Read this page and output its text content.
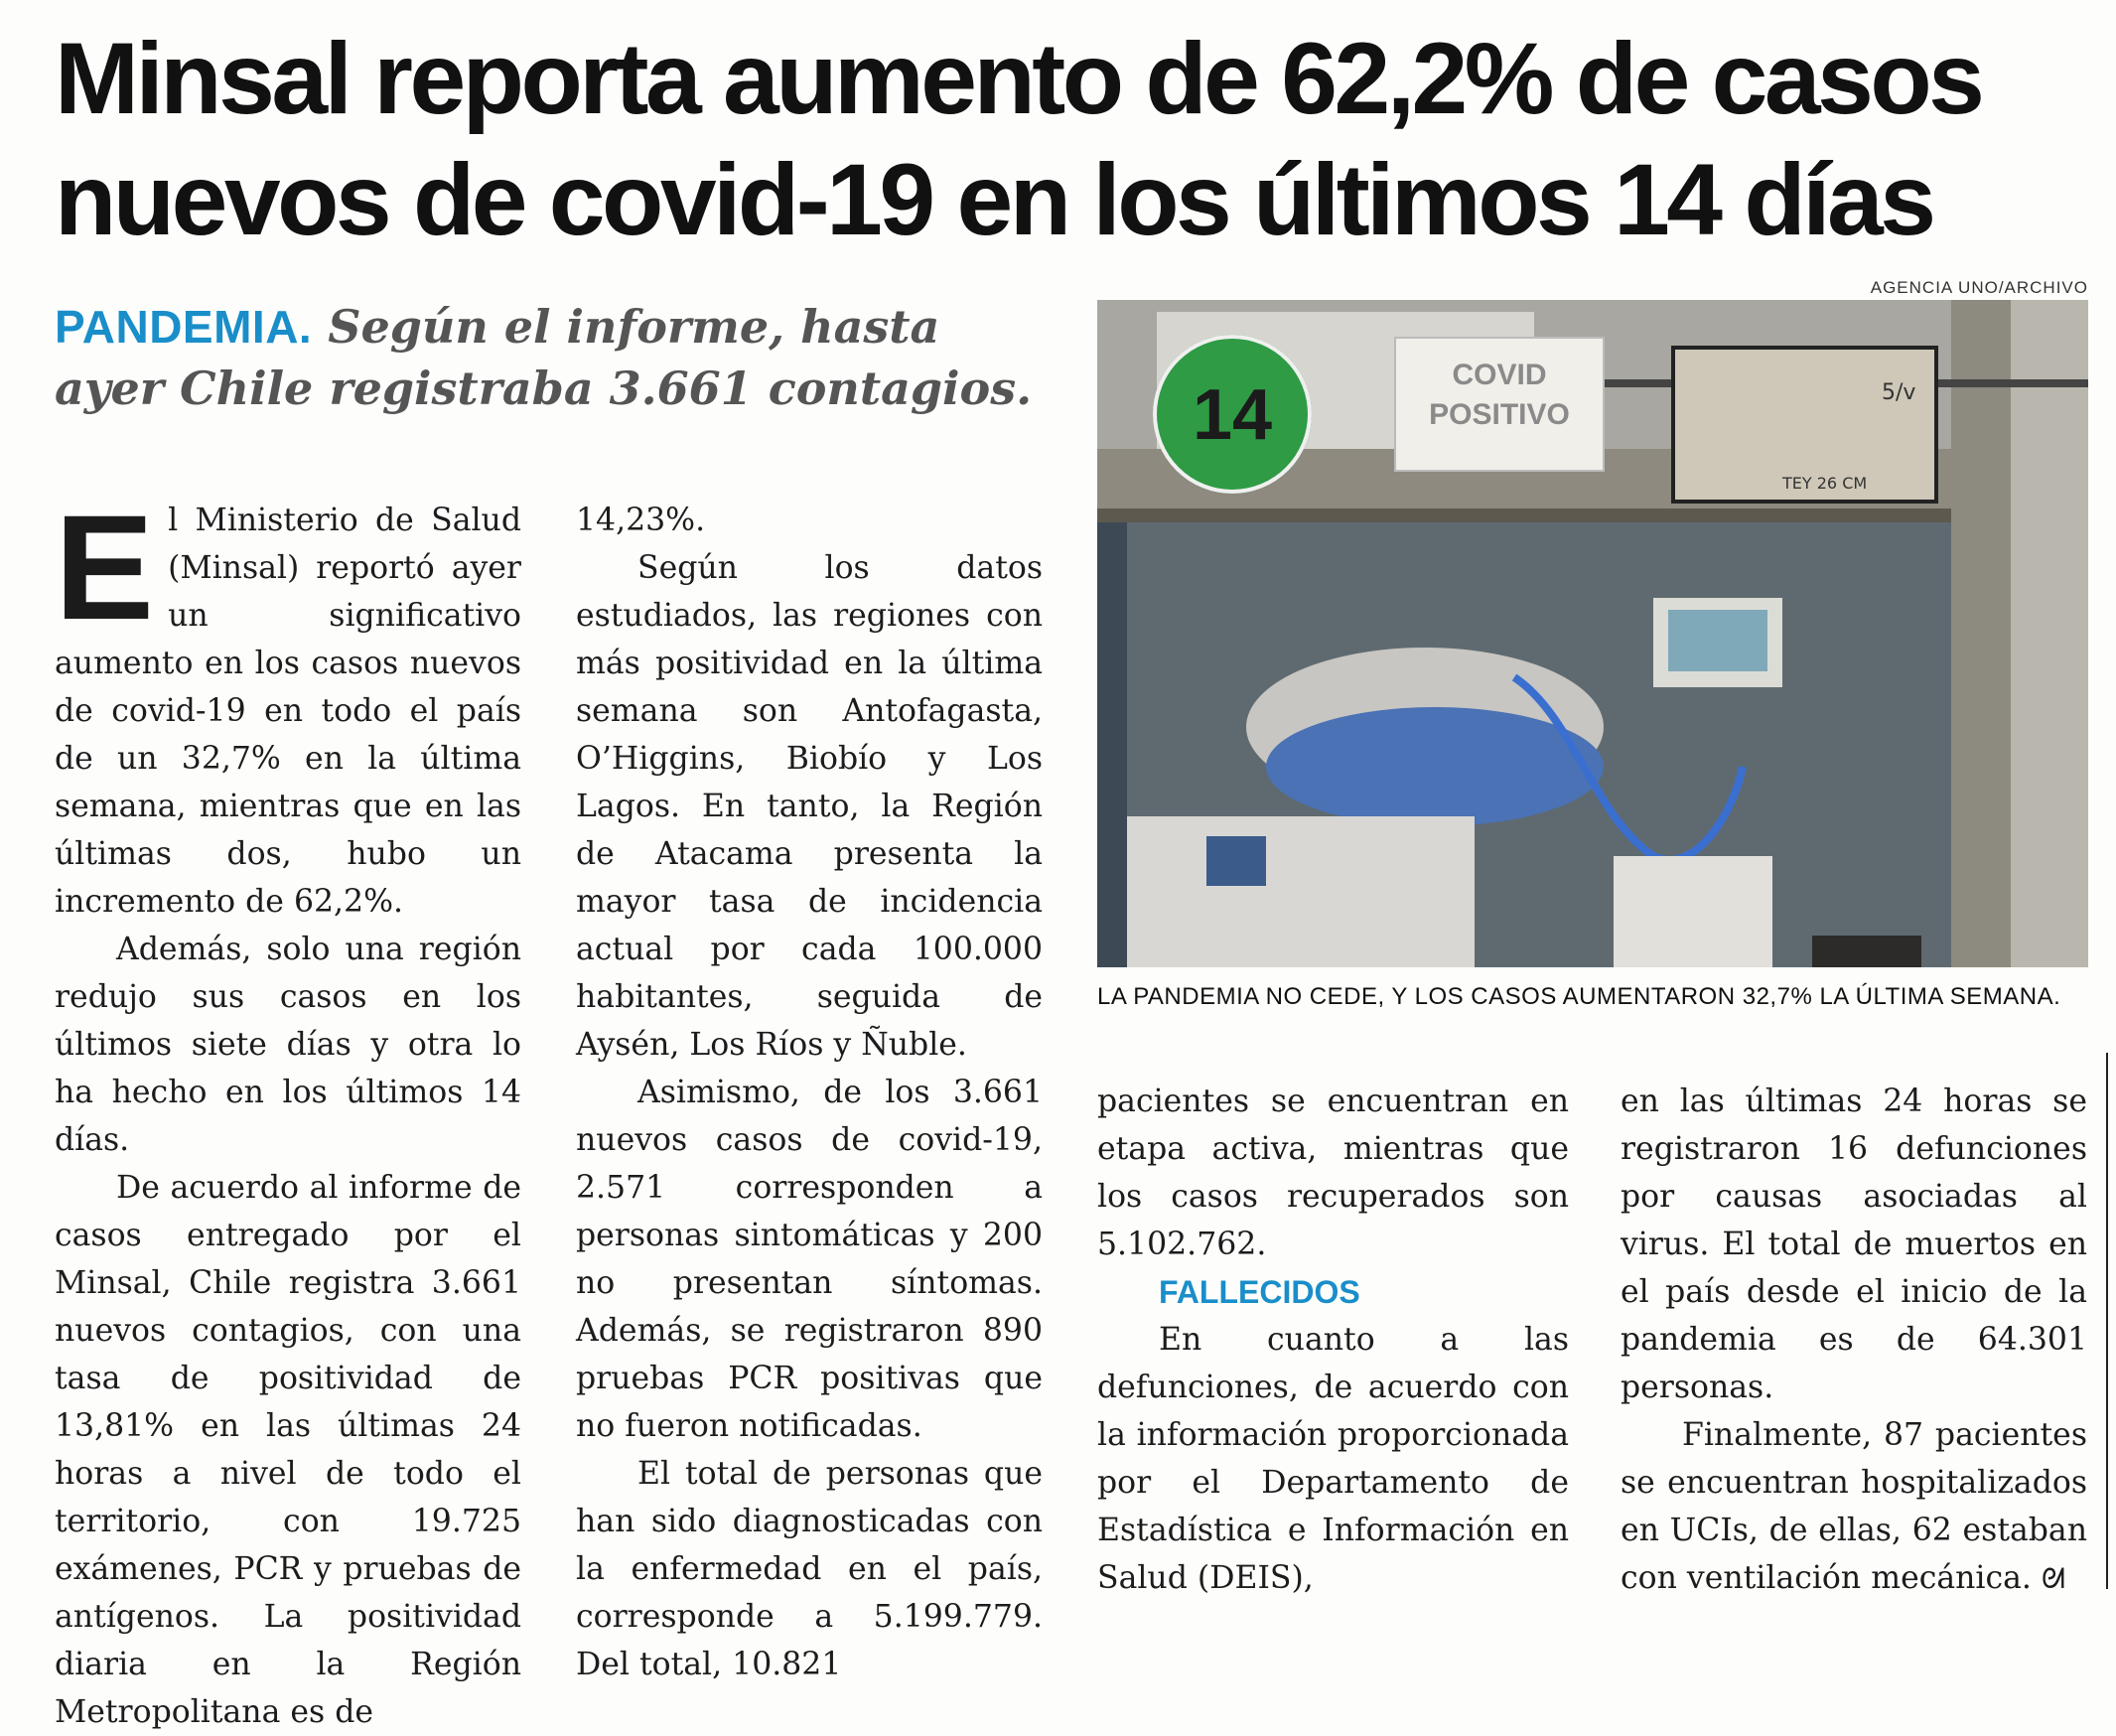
Minsal reporta aumento de 62,2% de casos
nuevos de covid-19 en los últimos 14 días
PANDEMIA. Según el informe, hasta ayer Chile registraba 3.661 contagios.
AGENCIA UNO/ARCHIVO
14
COVID
POSITIVO
5/v
TEY 26 CM
LA PANDEMIA NO CEDE, Y LOS CASOS AUMENTARON 32,7% LA ÚLTIMA SEMANA.

El Ministerio de Salud (Minsal) reportó ayer un significativo aumento en los casos nuevos de covid-19 en todo el país de un 32,7% en la última semana, mientras que en las últimas dos, hubo un incremento de 62,2%.

Además, solo una región redujo sus casos en los últimos siete días y otra lo ha hecho en los últimos 14 días.

De acuerdo al informe de casos entregado por el Minsal, Chile registra 3.661 nuevos contagios, con una tasa de positividad de 13,81% en las últimas 24 horas a nivel de todo el territorio, con 19.725 exámenes, PCR y pruebas de antígenos. La positividad diaria en la Región Metropolitana es de

14,23%.

Según los datos estudiados, las regiones con más positividad en la última semana son Antofagasta, O’Higgins, Biobío y Los Lagos. En tanto, la Región de Atacama presenta la mayor tasa de incidencia actual por cada 100.000 habitantes, seguida de Aysén, Los Ríos y Ñuble.

Asimismo, de los 3.661 nuevos casos de covid-19, 2.571 corresponden a personas sintomáticas y 200 no presentan síntomas. Además, se registraron 890 pruebas PCR positivas que no fueron notificadas.

El total de personas que han sido diagnosticadas con la enfermedad en el país, corresponde a 5.199.779. Del total, 10.821

pacientes se encuentran en etapa activa, mientras que los casos recuperados son 5.102.762.

FALLECIDOS

En cuanto a las defunciones, de acuerdo con la información proporcionada por el Departamento de Estadística e Información en Salud (DEIS),

en las últimas 24 horas se registraron 16 defunciones por causas asociadas al virus. El total de muertos en el país desde el inicio de la pandemia es de 64.301 personas.

Finalmente, 87 pacientes se encuentran hospitalizados en UCIs, de ellas, 62 estaban con ventilación mecánica. ᘛ
